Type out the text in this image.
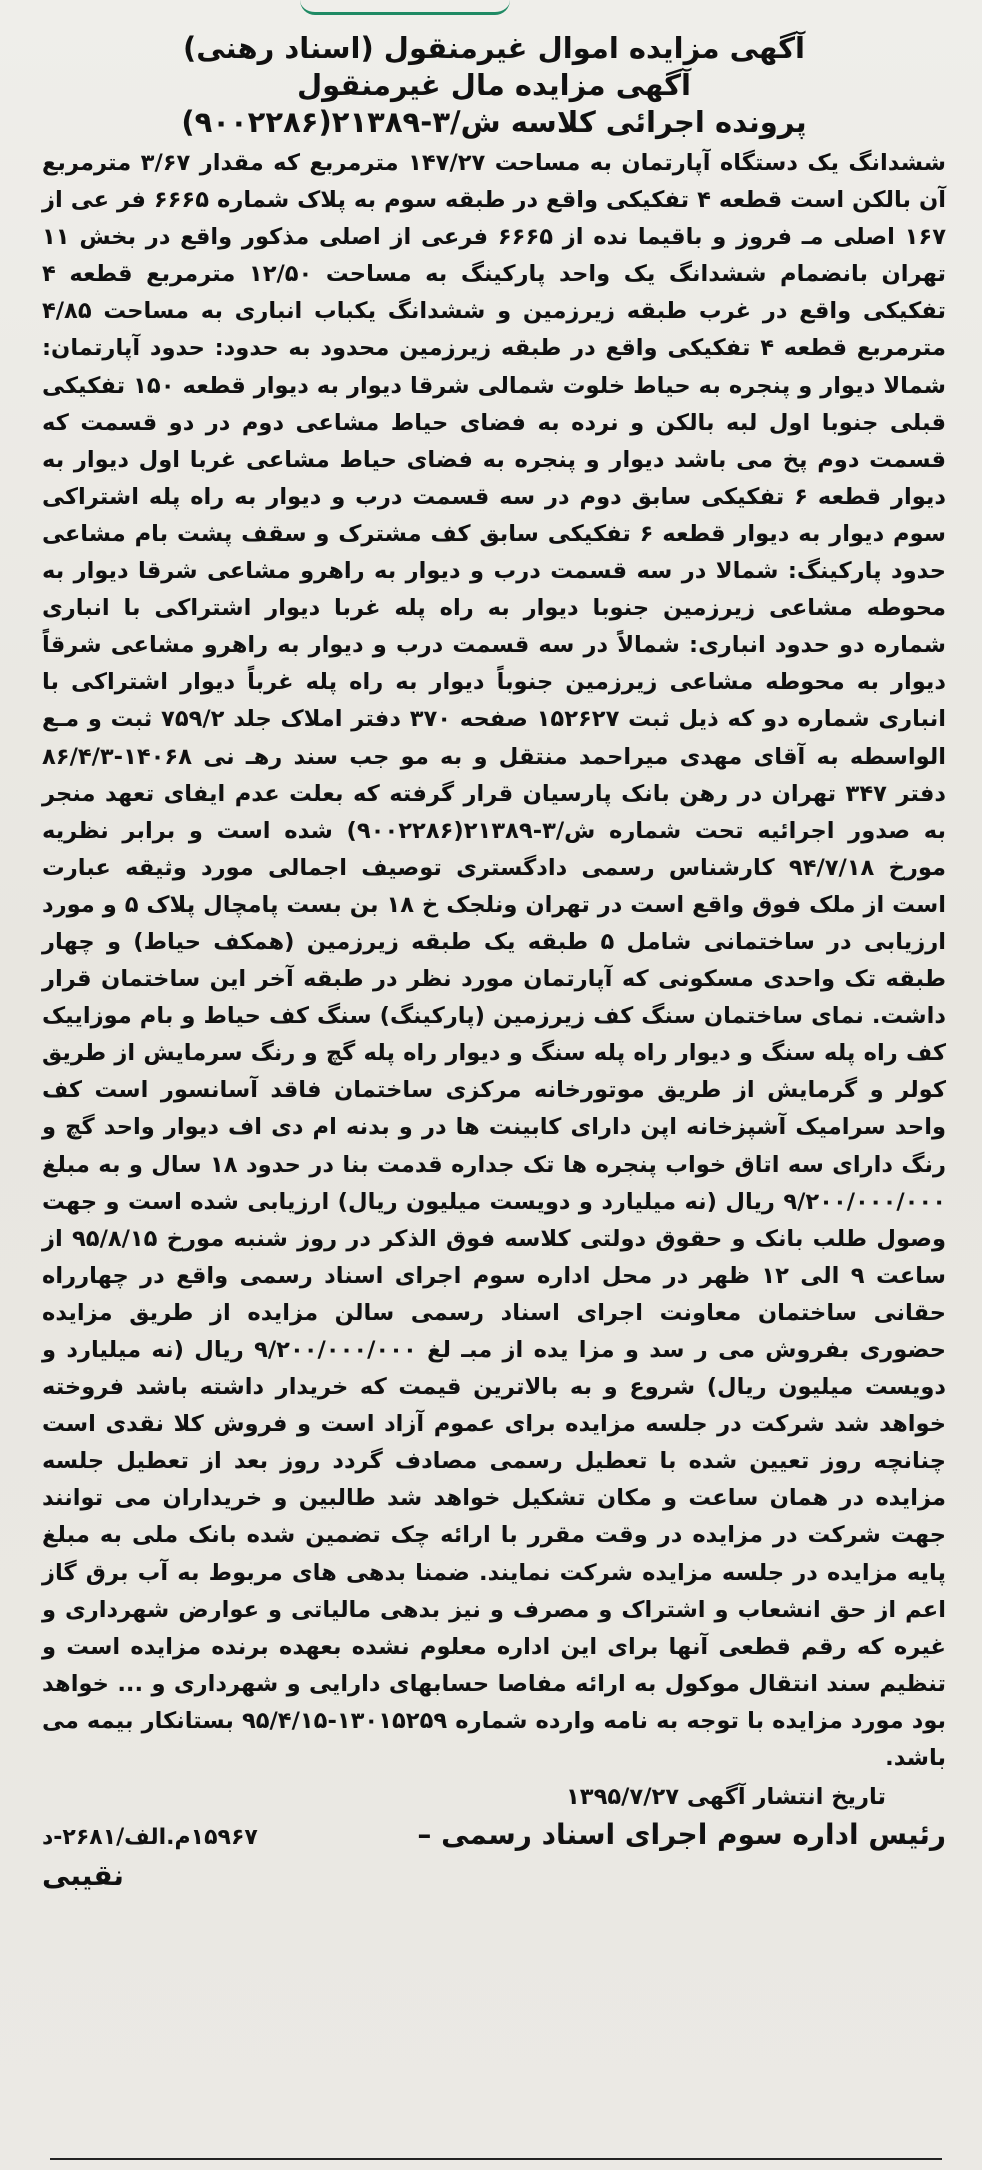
آگهی مزایده اموال غیرمنقول (اسناد رهنی)
آگهی مزایده مال غیرمنقول
پرونده اجرائی کلاسه ش/۳-۲۱۳۸۹(۹۰۰۲۲۸۶)

ششدانگ یک دستگاه آپارتمان به مساحت ۱۴۷/۲۷ مترمربع که مقدار ۳/۶۷ مترمربع آن بالکن است قطعه ۴ تفکیکی واقع در طبقه سوم به پلاک شماره ۶۶۶۵ فر عی از ۱۶۷ اصلی مـ فروز و باقیما نده از ۶۶۶۵ فرعی از اصلی مذکور واقع در بخش ۱۱ تهران بانضمام ششدانگ یک واحد پارکینگ به مساحت ۱۲/۵۰ مترمربع قطعه ۴ تفکیکی واقع در غرب طبقه زیرزمین و ششدانگ یکباب انباری به مساحت ۴/۸۵ مترمربع قطعه ۴ تفکیکی واقع در طبقه زیرزمین محدود به حدود: حدود آپارتمان: شمالا دیوار و پنجره به حیاط خلوت شمالی شرقا دیوار به دیوار قطعه ۱۵۰ تفکیکی قبلی جنوبا اول لبه بالکن و نرده به فضای حیاط مشاعی دوم در دو قسمت که قسمت دوم پخ می باشد دیوار و پنجره به فضای حیاط مشاعی غربا اول دیوار به دیوار قطعه ۶ تفکیکی سابق دوم در سه قسمت درب و دیوار به راه پله اشتراکی سوم دیوار به دیوار قطعه ۶ تفکیکی سابق کف مشترک و سقف پشت بام مشاعی حدود پارکینگ: شمالا در سه قسمت درب و دیوار به راهرو مشاعی شرقا دیوار به محوطه مشاعی زیرزمین جنوبا دیوار به راه پله غربا دیوار اشتراکی با انباری شماره دو حدود انباری: شمالاً در سه قسمت درب و دیوار به راهرو مشاعی شرقاً دیوار به محوطه مشاعی زیرزمین جنوباً دیوار به راه پله غرباً دیوار اشتراکی با انباری شماره دو که ذیل ثبت ۱۵۲۶۲۷ صفحه ۳۷۰ دفتر املاک جلد ۷۵۹/۲ ثبت و مـع الواسطه به آقای مهدی میراحمد منتقل و به مو جب سند رهـ نی ۱۴۰۶۸-۸۶/۴/۳ دفتر ۳۴۷ تهران در رهن بانک پارسیان قرار گرفته که بعلت عدم ایفای تعهد منجر به صدور اجرائیه تحت شماره ش/۳-۲۱۳۸۹(۹۰۰۲۲۸۶) شده است و برابر نظریه مورخ ۹۴/۷/۱۸ کارشناس رسمی دادگستری توصیف اجمالی مورد وثیقه عبارت است از ملک فوق واقع است در تهران ونلجک خ ۱۸ بن بست پامچال پلاک ۵ و مورد ارزیابی در ساختمانی شامل ۵ طبقه یک طبقه زیرزمین (همکف حیاط) و چهار طبقه تک واحدی مسکونی که آپارتمان مورد نظر در طبقه آخر این ساختمان قرار داشت. نمای ساختمان سنگ کف زیرزمین (پارکینگ) سنگ کف حیاط و بام موزاییک کف راه پله سنگ و دیوار راه پله سنگ و دیوار راه پله گچ و رنگ سرمایش از طریق کولر و گرمایش از طریق موتورخانه مرکزی ساختمان فاقد آسانسور است کف واحد سرامیک آشپزخانه اپن دارای کابینت ها در و بدنه ام دی اف دیوار واحد گچ و رنگ دارای سه اتاق خواب پنجره ها تک جداره قدمت بنا در حدود ۱۸ سال و به مبلغ ۹/۲۰۰/۰۰۰/۰۰۰ ریال (نه میلیارد و دویست میلیون ریال) ارزیابی شده است و جهت وصول طلب بانک و حقوق دولتی کلاسه فوق الذکر در روز شنبه مورخ ۹۵/۸/۱۵ از ساعت ۹ الی ۱۲ ظهر در محل اداره سوم اجرای اسناد رسمی واقع در چهارراه حقانی ساختمان معاونت اجرای اسناد رسمی سالن مزایده از طریق مزایده حضوری بفروش می ر سد و مزا یده از مبـ لغ ۹/۲۰۰/۰۰۰/۰۰۰ ریال (نه میلیارد و دویست میلیون ریال) شروع و به بالاترین قیمت که خریدار داشته باشد فروخته خواهد شد شرکت در جلسه مزایده برای عموم آزاد است و فروش کلا نقدی است چنانچه روز تعیین شده با تعطیل رسمی مصادف گردد روز بعد از تعطیل جلسه مزایده در همان ساعت و مکان تشکیل خواهد شد طالبین و خریداران می توانند جهت شرکت در مزایده در وقت مقرر با ارائه چک تضمین شده بانک ملی به مبلغ پایه مزایده در جلسه مزایده شرکت نمایند. ضمنا بدهی های مربوط به آب برق گاز اعم از حق انشعاب و اشتراک و مصرف و نیز بدهی مالیاتی و عوارض شهرداری و غیره که رقم قطعی آنها برای این اداره معلوم نشده بعهده برنده مزایده است و تنظیم سند انتقال موکول به ارائه مفاصا حسابهای دارایی و شهرداری و ... خواهد بود مورد مزایده با توجه به نامه وارده شماره ۱۳۰۱۵۲۵۹-۹۵/۴/۱۵ بستانکار بیمه می باشد.

تاریخ انتشار آگهی ۱۳۹۵/۷/۲۷
رئیس اداره سوم اجرای اسناد رسمی –
۱۵۹۶۷م.الف/۲۶۸۱-د
نقیبی
